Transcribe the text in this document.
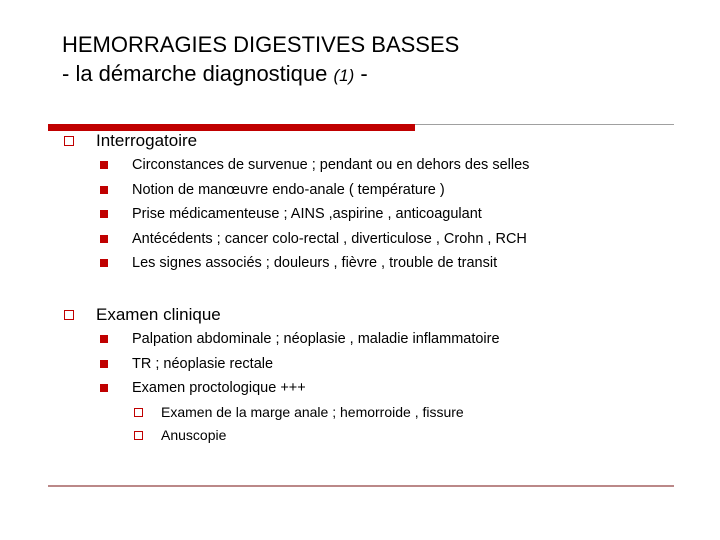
HEMORRAGIES DIGESTIVES BASSES
- la démarche diagnostique (1) -
Interrogatoire
Circonstances de survenue ; pendant ou en dehors des selles
Notion de manœuvre endo-anale ( température )
Prise médicamenteuse ; AINS ,aspirine , anticoagulant
Antécédents ; cancer colo-rectal , diverticulose , Crohn , RCH
Les signes associés ; douleurs , fièvre , trouble de transit
Examen clinique
Palpation abdominale ; néoplasie , maladie inflammatoire
TR ; néoplasie rectale
Examen proctologique +++
Examen de la marge anale ; hemorroide , fissure
Anuscopie
